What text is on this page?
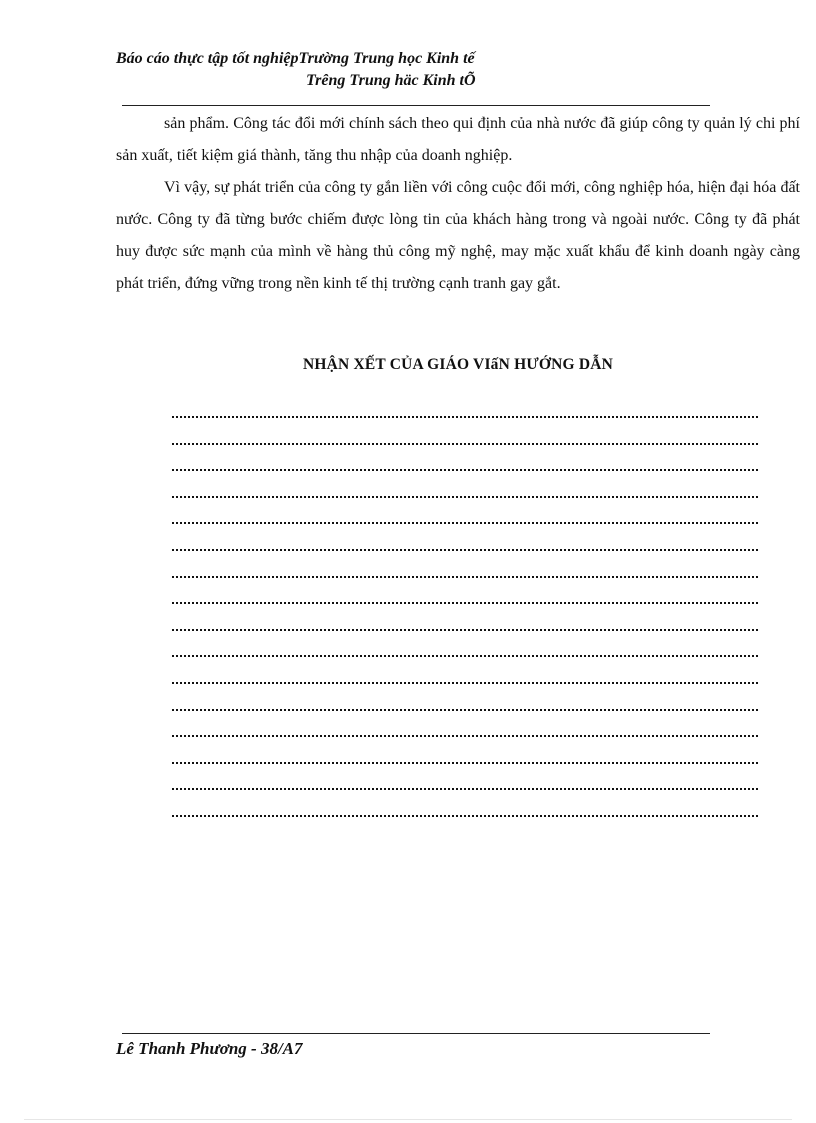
Báo cáo thực tập tốt nghiệpTrường Trung học Kinh tế
Trêng Trung häc Kinh tÕ

sản phẩm. Công tác đổi mới chính sách theo qui định của nhà nước đã giúp công ty quản lý chi phí sản xuất, tiết kiệm giá thành, tăng thu nhập của doanh nghiệp.

Vì vậy, sự phát triển của công ty gắn liền với công cuộc đổi mới, công nghiệp hóa, hiện đại hóa đất nước. Công ty đã từng bước chiếm được lòng tin của khách hàng trong và ngoài nước. Công ty đã phát huy được sức mạnh của mình về hàng thủ công mỹ nghệ, may mặc xuất khẩu để kinh doanh ngày càng phát triển, đứng vững trong nền kinh tế thị trường cạnh tranh gay gắt.

NHẬN XẾT CỦA GIÁO VIấN HƯỚNG DẪN
Lê Thanh Phương - 38/A7
